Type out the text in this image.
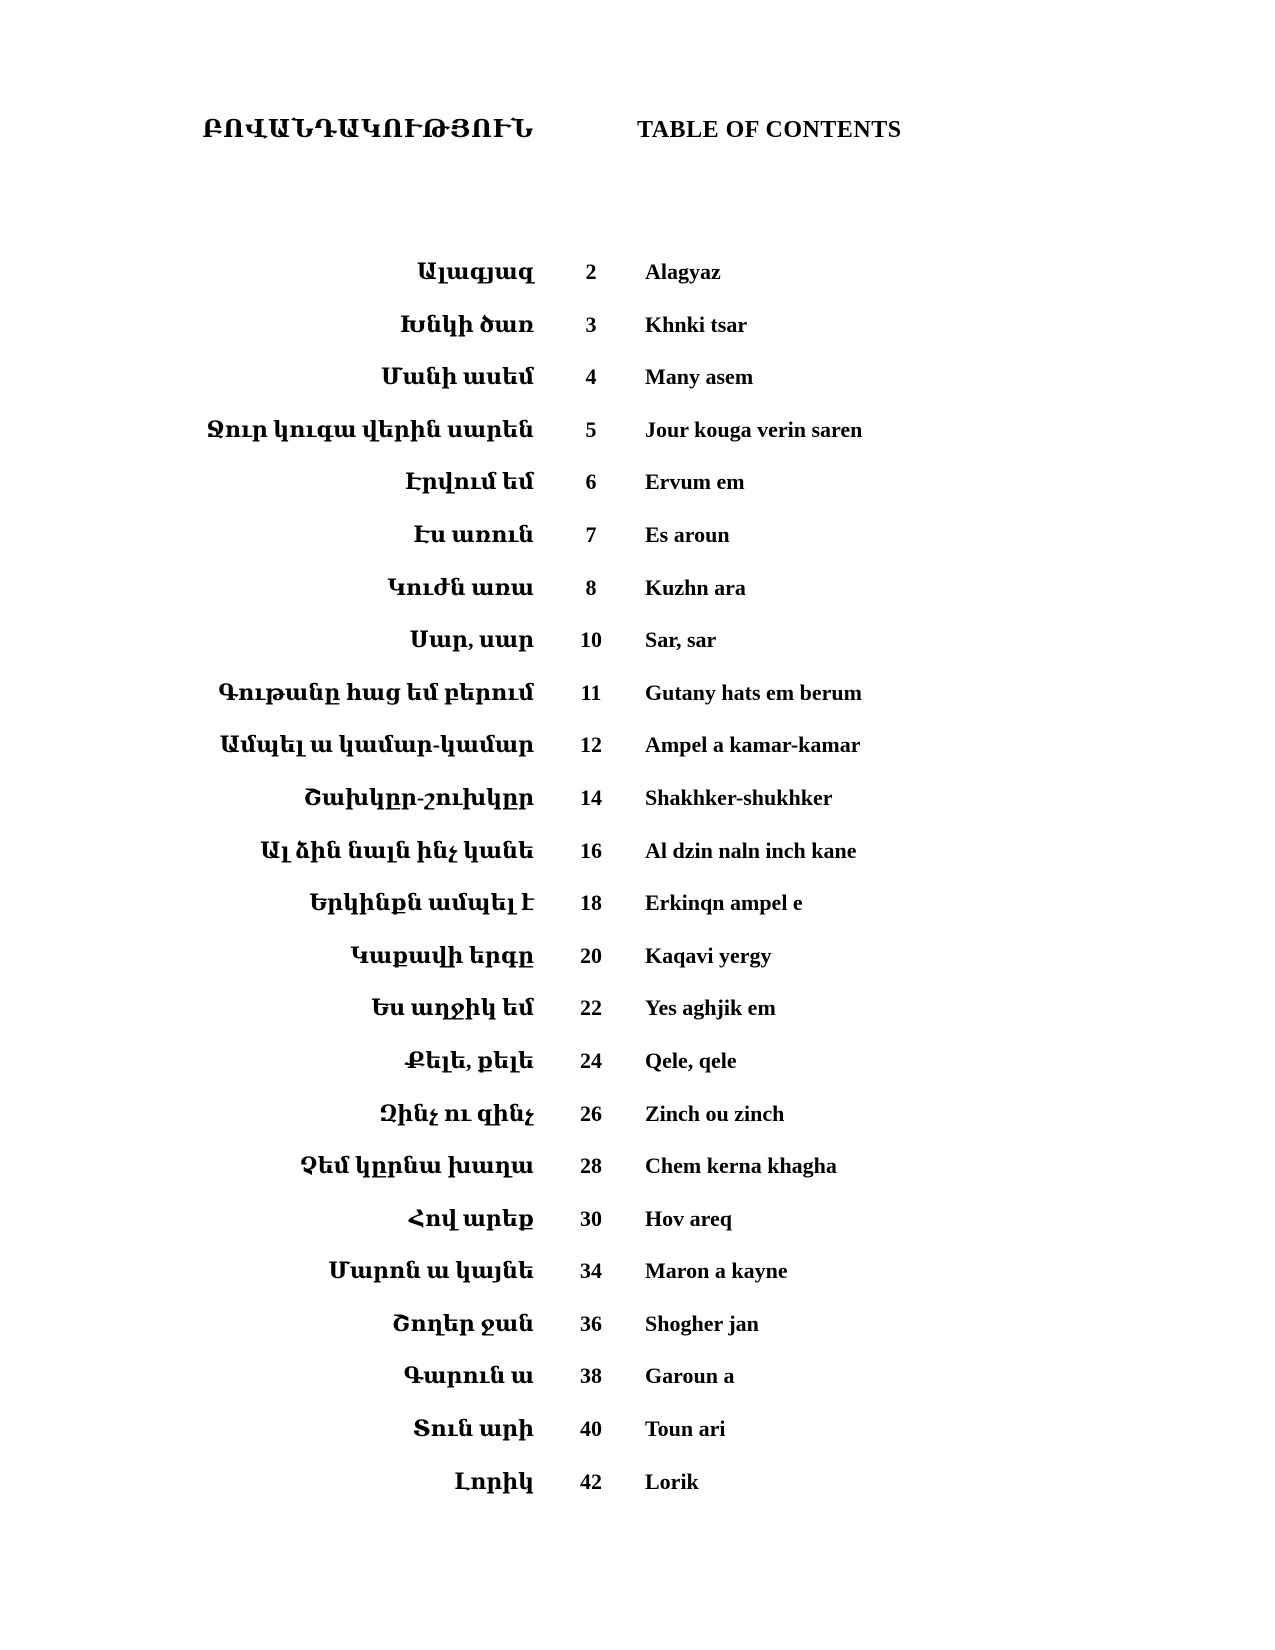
ԲՈՎԱՆԴԱԿՈՒԹՅՈՒՆ	TABLE OF CONTENTS
Ալագյազ	2	Alagyaz
Խնկի ծառ	3	Khnki tsar
Մանի ասեմ	4	Many asem
Ջուր կուգա վերին սարեն	5	Jour kouga verin saren
Էրվում եմ	6	Ervum em
Էս առուն	7	Es aroun
Կուժն առա	8	Kuzhn ara
Սար, սար	10	Sar, sar
Գութանը հաց եմ բերում	11	Gutany hats em berum
Ամպել ա կամար-կամար	12	Ampel a kamar-kamar
Շախկըր-շուխկըր	14	Shakhker-shukhker
Ալ ձին նալն ինչ կանե	16	Al dzin naln inch kane
Երկինքն ամպել է	18	Erkinqn ampel e
Կաքավի երգը	20	Kaqavi yergy
Ես աղջիկ եմ	22	Yes aghjik em
Քելե, քելե	24	Qele, qele
Զինչ ու զինչ	26	Zinch ou zinch
Չեմ կըրնա խաղա	28	Chem kerna khagha
Հով արեք	30	Hov areq
Մարոն ա կայնե	34	Maron a kayne
Շողեր ջան	36	Shogher jan
Գարուն ա	38	Garoun a
Տուն արի	40	Toun ari
Լորիկ	42	Lorik
